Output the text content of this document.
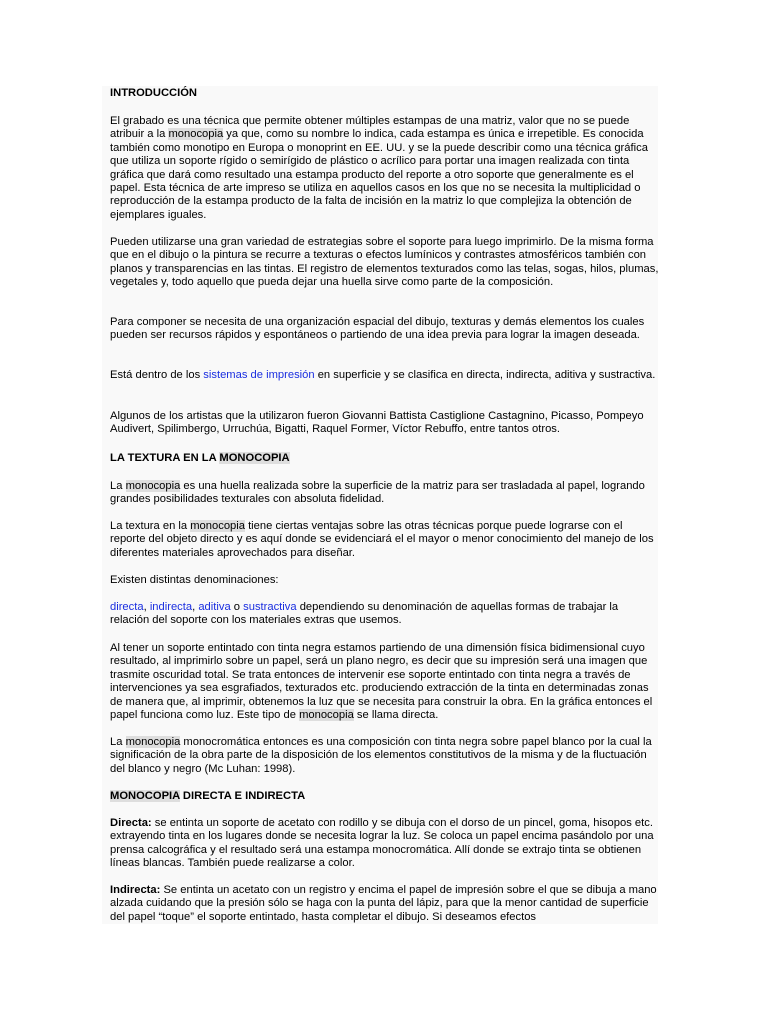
INTRODUCCIÓN

El grabado es una técnica que permite obtener múltiples estampas de una matriz, valor que no se puede atribuir a la monocopia ya que, como su nombre lo indica, cada estampa es única e irrepetible. Es conocida también como monotipo en Europa o monoprint en EE. UU. y se la puede describir como una técnica gráfica que utiliza un soporte rígido o semirígido de plástico o acrílico para portar una imagen realizada con tinta gráfica que dará como resultado una estampa producto del reporte a otro soporte que generalmente es el papel. Esta técnica de arte impreso se utiliza en aquellos casos en los que no se necesita la multiplicidad o reproducción de la estampa producto de la falta de incisión en la matriz lo que complejiza la obtención de ejemplares iguales.

Pueden utilizarse una gran variedad de estrategias sobre el soporte para luego imprimirlo. De la misma forma que en el dibujo o la pintura se recurre a texturas o efectos lumínicos y contrastes atmosféricos también con planos y transparencias en las tintas. El registro de elementos texturados como las telas, sogas, hilos, plumas, vegetales y, todo aquello que pueda dejar una huella sirve como parte de la composición.

Para componer se necesita de una organización espacial del dibujo, texturas y demás elementos los cuales pueden ser recursos rápidos y espontáneos o partiendo de una idea previa para lograr la imagen deseada.

Está dentro de los sistemas de impresión en superficie y se clasifica en directa, indirecta, aditiva y sustractiva.

Algunos de los artistas que la utilizaron fueron Giovanni Battista Castiglione Castagnino, Picasso, Pompeyo Audivert, Spilimbergo, Urruchúa, Bigatti, Raquel Former, Víctor Rebuffo, entre tantos otros.

LA TEXTURA EN LA MONOCOPIA

La monocopia es una huella realizada sobre la superficie de la matriz para ser trasladada al papel, logrando grandes posibilidades texturales con absoluta fidelidad.

La textura en la monocopia tiene ciertas ventajas sobre las otras técnicas porque puede lograrse con el reporte del objeto directo y es aquí donde se evidenciará el el mayor o menor conocimiento del manejo de los diferentes materiales aprovechados para diseñar.

Existen distintas denominaciones:

directa, indirecta, aditiva o sustractiva dependiendo su denominación de aquellas formas de trabajar la relación del soporte con los materiales extras que usemos.

Al tener un soporte entintado con tinta negra estamos partiendo de una dimensión física bidimensional cuyo resultado, al imprimirlo sobre un papel, será un plano negro, es decir que su impresión será una imagen que trasmite oscuridad total. Se trata entonces de intervenir ese soporte entintado con tinta negra a través de intervenciones ya sea esgrafiados, texturados etc. produciendo extracción de la tinta en determinadas zonas de manera que, al imprimir, obtenemos la luz que se necesita para construir la obra. En la gráfica entonces el papel funciona como luz. Este tipo de monocopia se llama directa.

La monocopia monocromática entonces es una composición con tinta negra sobre papel blanco por la cual la significación de la obra parte de la disposición de los elementos constitutivos de la misma y de la fluctuación del blanco y negro (Mc Luhan: 1998).

MONOCOPIA DIRECTA E INDIRECTA

Directa: se entinta un soporte de acetato con rodillo y se dibuja con el dorso de un pincel, goma, hisopos etc. extrayendo tinta en los lugares donde se necesita lograr la luz. Se coloca un papel encima pasándolo por una prensa calcográfica y el resultado será una estampa monocromática. Allí donde se extrajo tinta se obtienen líneas blancas. También puede realizarse a color.

Indirecta: Se entinta un acetato con un registro y encima el papel de impresión sobre el que se dibuja a mano alzada cuidando que la presión sólo se haga con la punta del lápiz, para que la menor cantidad de superficie del papel “toque” el soporte entintado, hasta completar el dibujo. Si deseamos efectos
